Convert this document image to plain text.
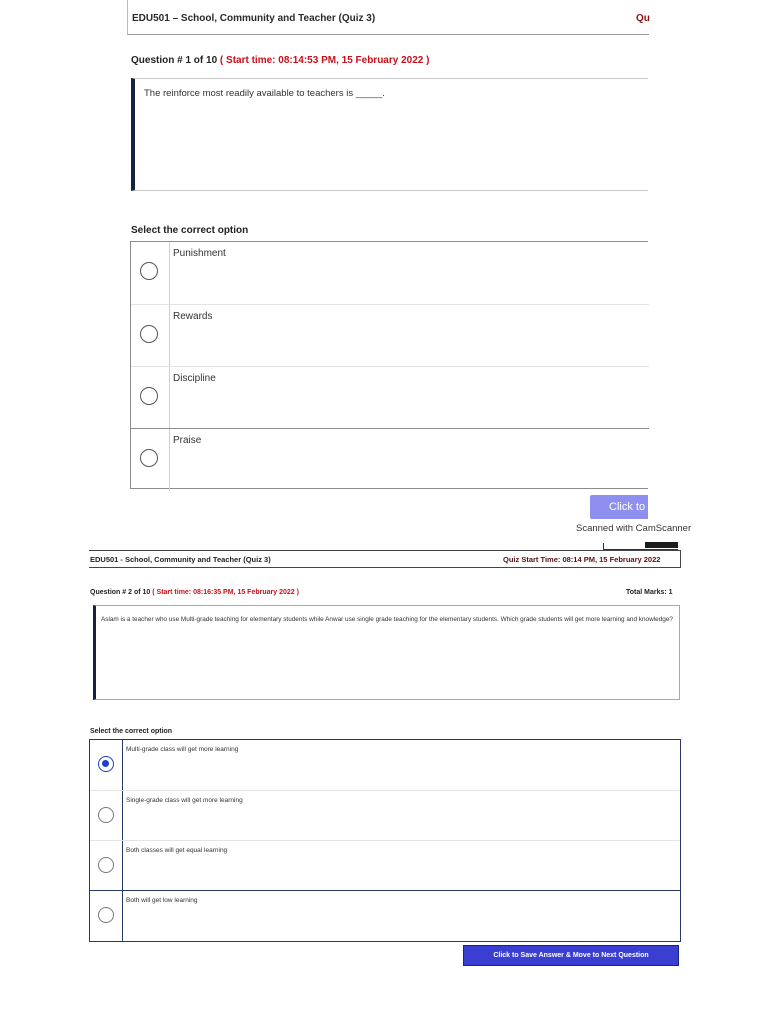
EDU501 – School, Community and Teacher (Quiz 3)	Qu
Question # 1 of 10 ( Start time: 08:14:53 PM, 15 February 2022 )
The reinforce most readily available to teachers is _____.
Select the correct option
Punishment
Rewards
Discipline
Praise
Click to
Scanned with CamScanner
EDU501 - School, Community and Teacher (Quiz 3)	Quiz Start Time: 08:14 PM, 15 February 2022
Question # 2 of 10 ( Start time: 08:16:35 PM, 15 February 2022 )	Total Marks: 1
Aslam is a teacher who use Multi-grade teaching for elementary students while Anwar use single grade teaching for the elementary students. Which grade students will get more learning and knowledge?
Select the correct option
Multi-grade class will get more learning
Single-grade class will get more learning
Both classes will get equal learning
Both will get low learning
Click to Save Answer & Move to Next Question
